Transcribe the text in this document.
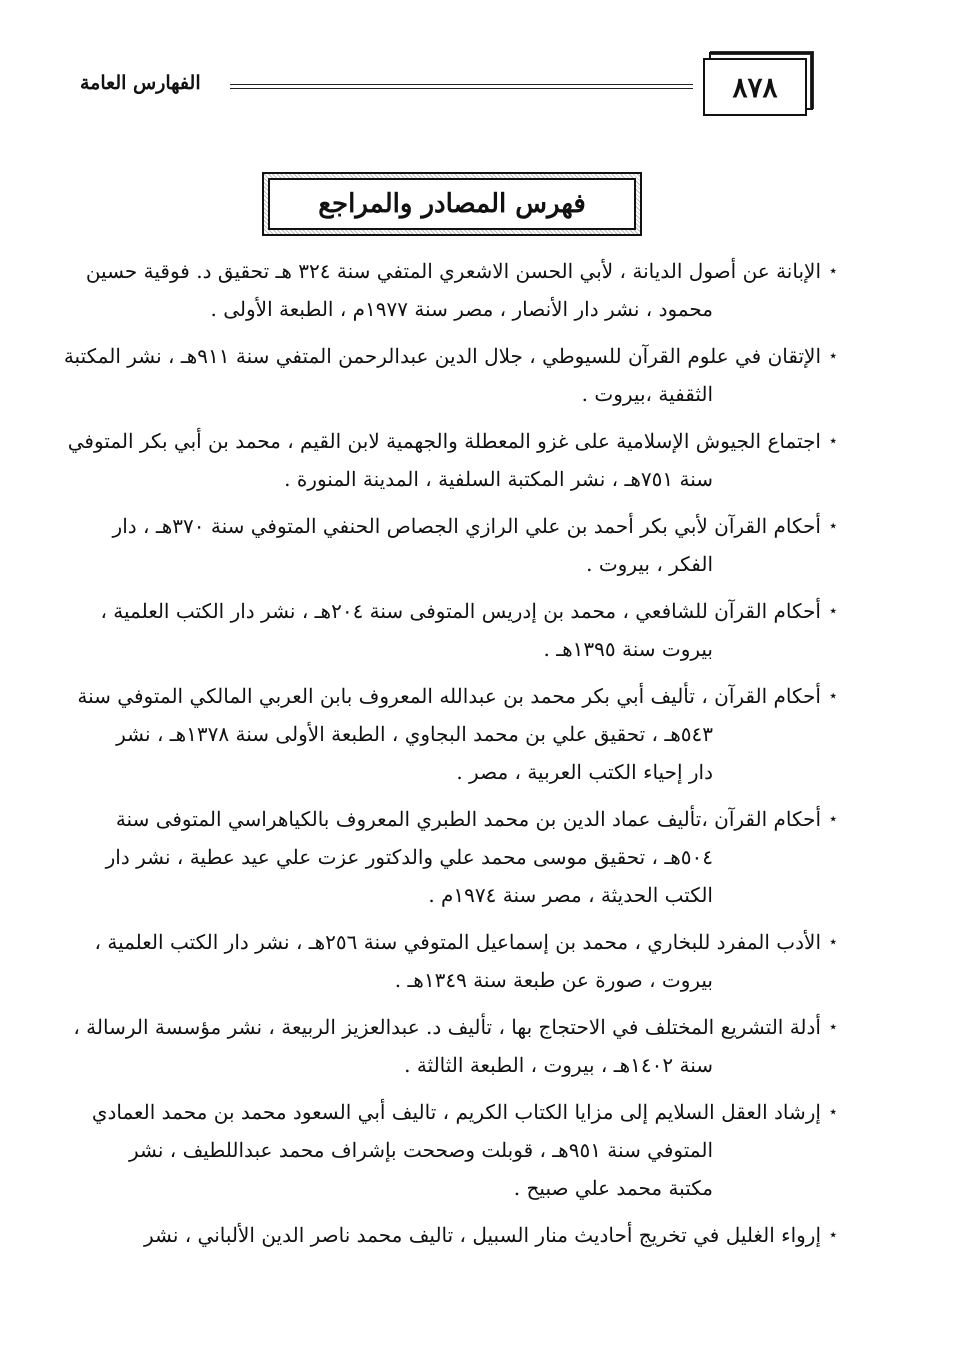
٨٧٨
الفهارس العامة
فهرس المصادر والمراجع
٭
الإبانة عن أصول الديانة ، لأبي الحسن الاشعري المتفي سنة ٣٢٤ هـ تحقيق د. فوقية حسين
محمود ، نشر دار الأنصار ، مصر سنة ١٩٧٧م ، الطبعة الأولى .
٭
الإتقان في علوم القرآن للسيوطي ، جلال الدين عبدالرحمن المتفي سنة ٩١١هـ ، نشر المكتبة
الثقفية ،بيروت .
٭
اجتماع الجيوش الإسلامية على غزو المعطلة والجهمية لابن القيم ، محمد بن أبي بكر المتوفي
سنة ٧٥١هـ ، نشر المكتبة السلفية ، المدينة المنورة .
٭
أحكام القرآن لأبي بكر أحمد بن علي الرازي الجصاص الحنفي المتوفي سنة ٣٧٠هـ ، دار
الفكر ، بيروت .
٭
أحكام القرآن للشافعي ، محمد بن إدريس المتوفى سنة ٢٠٤هـ ، نشر دار الكتب العلمية ،
بيروت سنة ١٣٩٥هـ .
٭
أحكام القرآن ، تأليف أبي بكر محمد بن عبدالله المعروف بابن العربي المالكي المتوفي سنة
٥٤٣هـ ، تحقيق علي بن محمد البجاوي ، الطبعة الأولى سنة ١٣٧٨هـ ، نشر
دار إحياء الكتب العربية ، مصر .
٭
أحكام القرآن ،تأليف عماد الدين بن محمد الطبري المعروف بالكياهراسي المتوفى سنة
٥٠٤هـ ، تحقيق موسى محمد علي والدكتور عزت علي عيد عطية ، نشر دار
الكتب الحديثة ، مصر سنة ١٩٧٤م .
٭
الأدب المفرد للبخاري ، محمد بن إسماعيل المتوفي سنة ٢٥٦هـ ، نشر دار الكتب العلمية ،
بيروت ، صورة عن طبعة سنة ١٣٤٩هـ .
٭
أدلة التشريع المختلف في الاحتجاج بها ، تأليف د. عبدالعزيز الربيعة ، نشر مؤسسة الرسالة ،
سنة ١٤٠٢هـ ، بيروت ، الطبعة الثالثة .
٭
إرشاد العقل السلايم إلى مزايا الكتاب الكريم ، تاليف أبي السعود محمد بن محمد العمادي
المتوفي سنة ٩٥١هـ ، قوبلت وصححت بإشراف محمد عبداللطيف ، نشر
مكتبة محمد علي صبيح .
٭
إرواء الغليل في تخريج أحاديث منار السبيل ، تاليف محمد ناصر الدين الألباني ، نشر
